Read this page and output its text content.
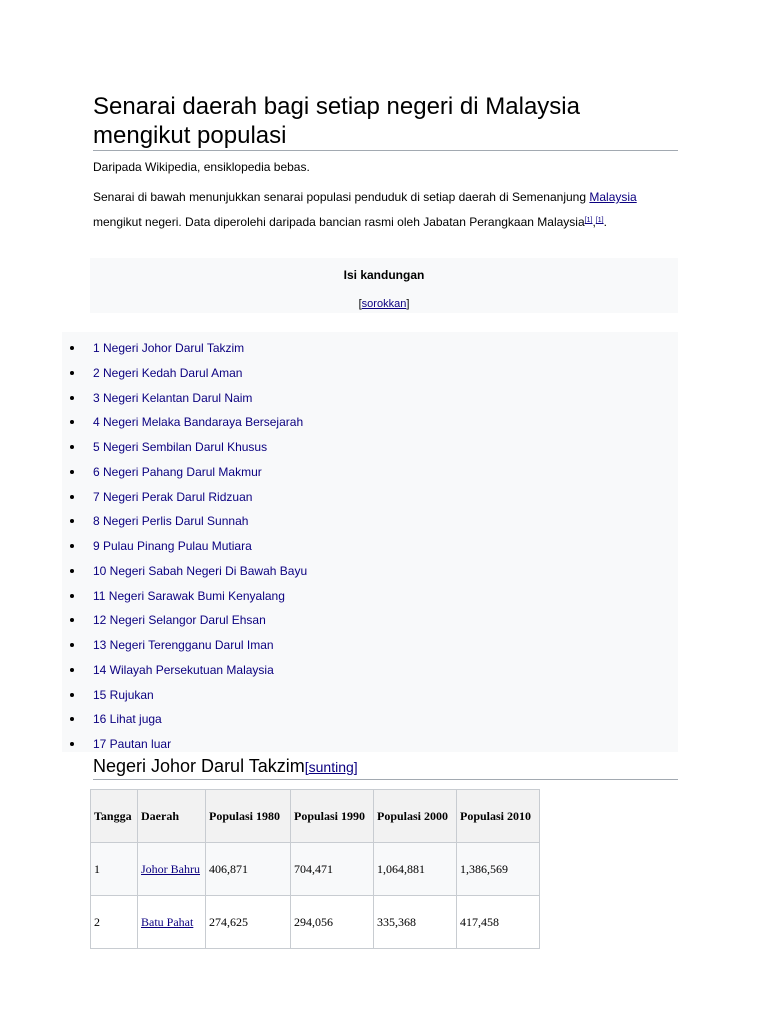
Senarai daerah bagi setiap negeri di Malaysia mengikut populasi
Daripada Wikipedia, ensiklopedia bebas.
Senarai di bawah menunjukkan senarai populasi penduduk di setiap daerah di Semenanjung Malaysia mengikut negeri. Data diperolehi daripada bancian rasmi oleh Jabatan Perangkaan Malaysia[1],[1].
Isi kandungan
[sorokkan]
1 Negeri Johor Darul Takzim
2 Negeri Kedah Darul Aman
3 Negeri Kelantan Darul Naim
4 Negeri Melaka Bandaraya Bersejarah
5 Negeri Sembilan Darul Khusus
6 Negeri Pahang Darul Makmur
7 Negeri Perak Darul Ridzuan
8 Negeri Perlis Darul Sunnah
9 Pulau Pinang Pulau Mutiara
10 Negeri Sabah Negeri Di Bawah Bayu
11 Negeri Sarawak Bumi Kenyalang
12 Negeri Selangor Darul Ehsan
13 Negeri Terengganu Darul Iman
14 Wilayah Persekutuan Malaysia
15 Rujukan
16 Lihat juga
17 Pautan luar
Negeri Johor Darul Takzim[sunting]
Tangga	Daerah	Populasi 1980	Populasi 1990	Populasi 2000	Populasi 2010
1	Johor Bahru	406,871	704,471	1,064,881	1,386,569
2	Batu Pahat	274,625	294,056	335,368	417,458
